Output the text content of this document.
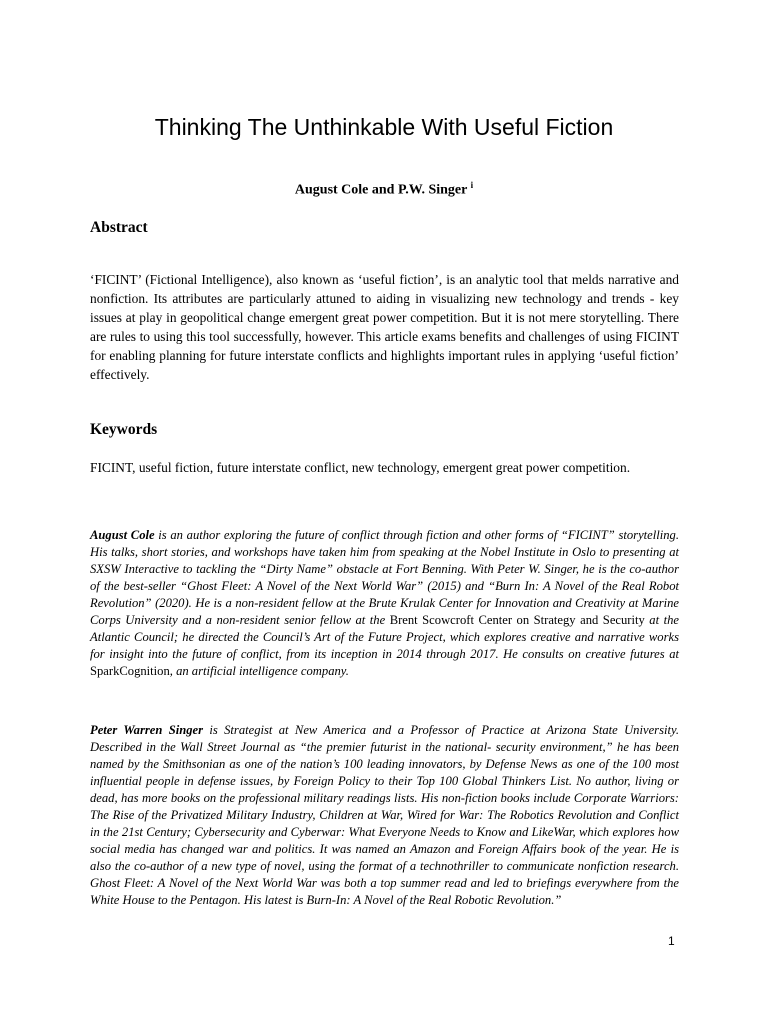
Thinking The Unthinkable With Useful Fiction
August Cole and P.W. Singer $^i$
Abstract
‘FICINT’ (Fictional Intelligence), also known as ‘useful fiction’, is an analytic tool that melds narrative and nonfiction. Its attributes are particularly attuned to aiding in visualizing new technology and trends - key issues at play in geopolitical change emergent great power competition. But it is not mere storytelling. There are rules to using this tool successfully, however. This article exams benefits and challenges of using FICINT for enabling planning for future interstate conflicts and highlights important rules in applying ‘useful fiction’ effectively.
Keywords
FICINT, useful fiction, future interstate conflict, new technology, emergent great power competition.
August Cole is an author exploring the future of conflict through fiction and other forms of “FICINT” storytelling. His talks, short stories, and workshops have taken him from speaking at the Nobel Institute in Oslo to presenting at SXSW Interactive to tackling the “Dirty Name” obstacle at Fort Benning. With Peter W. Singer, he is the co-author of the best-seller “Ghost Fleet: A Novel of the Next World War” (2015) and “Burn In: A Novel of the Real Robot Revolution” (2020). He is a non-resident fellow at the Brute Krulak Center for Innovation and Creativity at Marine Corps University and a non-resident senior fellow at the Brent Scowcroft Center on Strategy and Security at the Atlantic Council; he directed the Council’s Art of the Future Project, which explores creative and narrative works for insight into the future of conflict, from its inception in 2014 through 2017. He consults on creative futures at SparkCognition, an artificial intelligence company.
Peter Warren Singer is Strategist at New America and a Professor of Practice at Arizona State University. Described in the Wall Street Journal as “the premier futurist in the national- security environment,” he has been named by the Smithsonian as one of the nation’s 100 leading innovators, by Defense News as one of the 100 most influential people in defense issues, by Foreign Policy to their Top 100 Global Thinkers List. No author, living or dead, has more books on the professional military readings lists. His non-fiction books include Corporate Warriors: The Rise of the Privatized Military Industry, Children at War, Wired for War: The Robotics Revolution and Conflict in the 21st Century; Cybersecurity and Cyberwar: What Everyone Needs to Know and LikeWar, which explores how social media has changed war and politics. It was named an Amazon and Foreign Affairs book of the year. He is also the co-author of a new type of novel, using the format of a technothriller to communicate nonfiction research. Ghost Fleet: A Novel of the Next World War was both a top summer read and led to briefings everywhere from the White House to the Pentagon. His latest is Burn-In: A Novel of the Real Robotic Revolution.”
1
